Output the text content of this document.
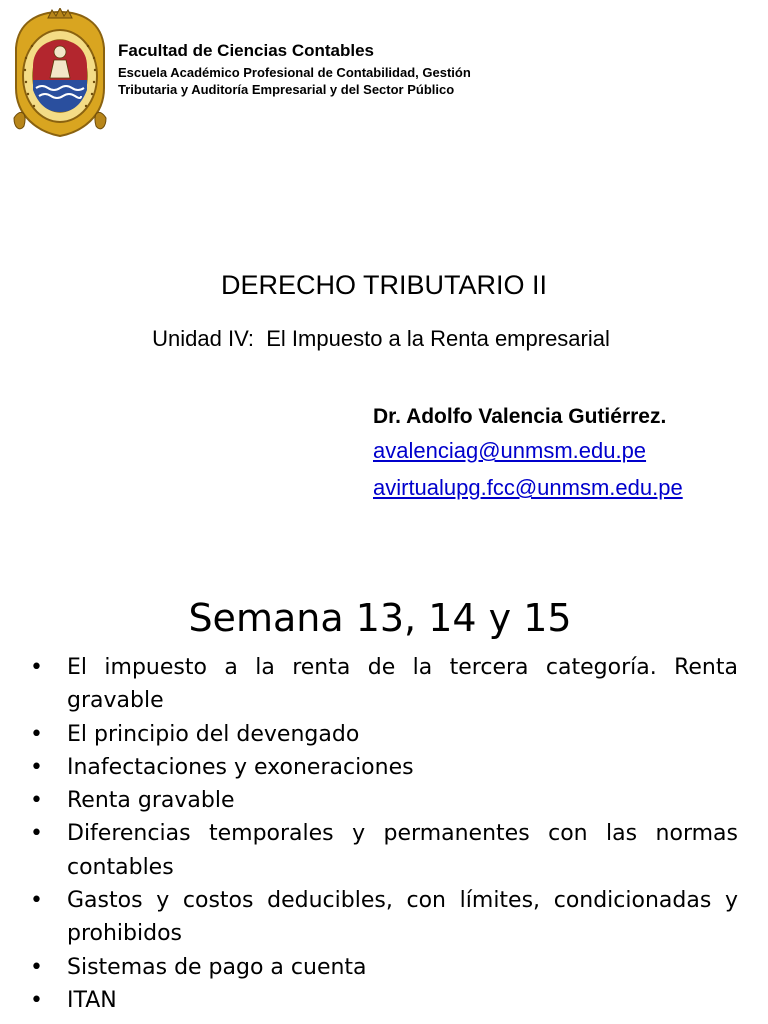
Facultad de Ciencias Contables

Escuela Académico Profesional de Contabilidad, Gestión Tributaria y Auditoría Empresarial y del Sector Público

DERECHO TRIBUTARIO II

Unidad IV:  El Impuesto a la Renta empresarial

Dr. Adolfo Valencia Gutiérrez.

avalenciag@unmsm.edu.pe
avirtualupg.fcc@unmsm.edu.pe
Semana 13, 14 y 15
• El impuesto a la renta de la tercera categoría. Renta gravable
• El principio del devengado
• Inafectaciones y exoneraciones
• Renta gravable
• Diferencias temporales y permanentes con las normas contables
• Gastos y costos deducibles, con límites, condicionadas y prohibidos
• Sistemas de pago a cuenta
• ITAN
